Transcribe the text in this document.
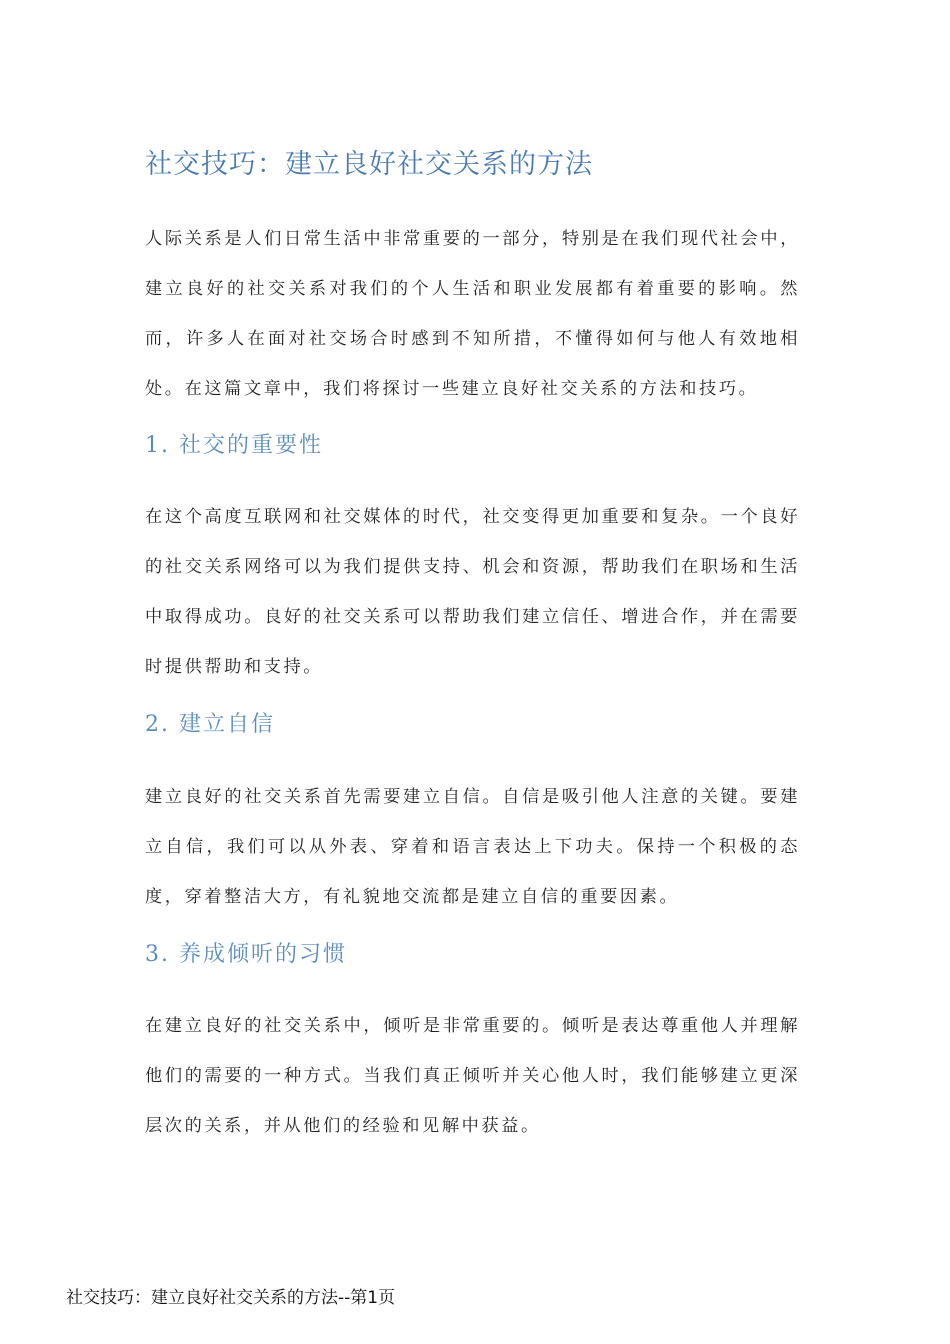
社交技巧：建立良好社交关系的方法

人际关系是人们日常生活中非常重要的一部分，特别是在我们现代社会中，建立良好的社交关系对我们的个人生活和职业发展都有着重要的影响。然而，许多人在面对社交场合时感到不知所措，不懂得如何与他人有效地相处。在这篇文章中，我们将探讨一些建立良好社交关系的方法和技巧。

1. 社交的重要性

在这个高度互联网和社交媒体的时代，社交变得更加重要和复杂。一个良好的社交关系网络可以为我们提供支持、机会和资源，帮助我们在职场和生活中取得成功。良好的社交关系可以帮助我们建立信任、增进合作，并在需要时提供帮助和支持。

2. 建立自信

建立良好的社交关系首先需要建立自信。自信是吸引他人注意的关键。要建立自信，我们可以从外表、穿着和语言表达上下功夫。保持一个积极的态度，穿着整洁大方，有礼貌地交流都是建立自信的重要因素。

3. 养成倾听的习惯

在建立良好的社交关系中，倾听是非常重要的。倾听是表达尊重他人并理解他们的需要的一种方式。当我们真正倾听并关心他人时，我们能够建立更深层次的关系，并从他们的经验和见解中获益。

社交技巧：建立良好社交关系的方法--第1页
